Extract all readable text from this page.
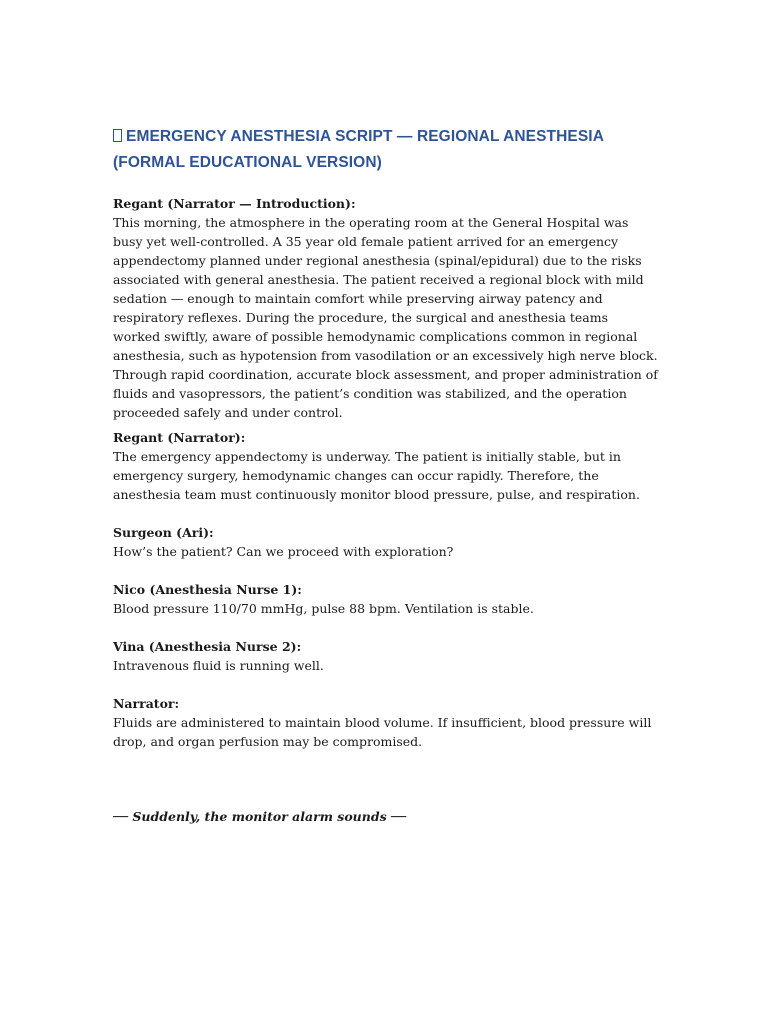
EMERGENCY ANESTHESIA SCRIPT — REGIONAL ANESTHESIA (FORMAL EDUCATIONAL VERSION)
Regant (Narrator — Introduction):
This morning, the atmosphere in the operating room at the General Hospital was busy yet well-controlled. A 35 year old female patient arrived for an emergency appendectomy planned under regional anesthesia (spinal/epidural) due to the risks associated with general anesthesia. The patient received a regional block with mild sedation — enough to maintain comfort while preserving airway patency and respiratory reflexes. During the procedure, the surgical and anesthesia teams worked swiftly, aware of possible hemodynamic complications common in regional anesthesia, such as hypotension from vasodilation or an excessively high nerve block. Through rapid coordination, accurate block assessment, and proper administration of fluids and vasopressors, the patient’s condition was stabilized, and the operation proceeded safely and under control.
Regant (Narrator):
The emergency appendectomy is underway. The patient is initially stable, but in emergency surgery, hemodynamic changes can occur rapidly. Therefore, the anesthesia team must continuously monitor blood pressure, pulse, and respiration.
Surgeon (Ari):
How’s the patient? Can we proceed with exploration?
Nico (Anesthesia Nurse 1):
Blood pressure 110/70 mmHg, pulse 88 bpm. Ventilation is stable.
Vina (Anesthesia Nurse 2):
Intravenous fluid is running well.
Narrator:
Fluids are administered to maintain blood volume. If insufficient, blood pressure will drop, and organ perfusion may be compromised.
── Suddenly, the monitor alarm sounds ──
